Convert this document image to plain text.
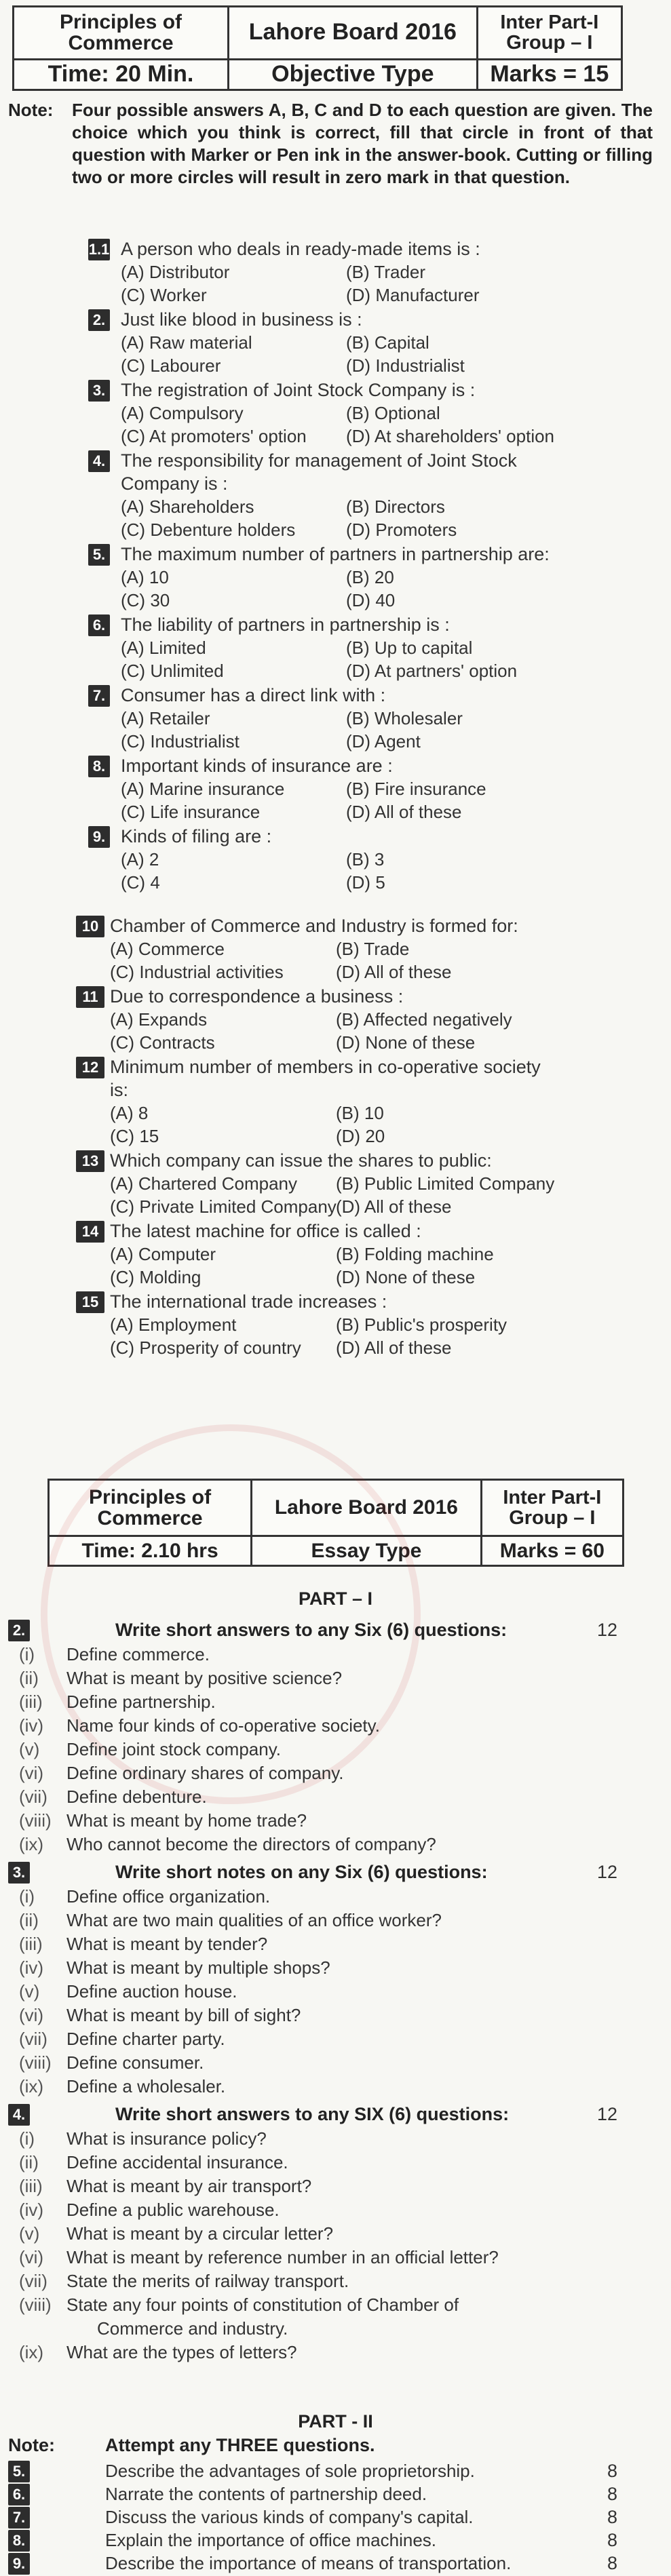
Principles of Commerce	Lahore Board 2016	Inter Part-I
Group – I

Time: 20 Min.	Objective Type	Marks = 15
Note: Four possible answers A, B, C and D to each question are given. The choice which you think is correct, fill that circle in front of that question with Marker or Pen ink in the answer-book. Cutting or filling two or more circles will result in zero mark in that question.
1.1 A person who deals in ready-made items is :
(A) Distributor	(B) Trader
(C) Worker	(D) Manufacturer
2. Just like blood in business is :
(A) Raw material	(B) Capital
(C) Labourer	(D) Industrialist
3. The registration of Joint Stock Company is :
(A) Compulsory	(B) Optional
(C) At promoters' option (D) At shareholders' option
4. The responsibility for management of Joint Stock
Company is :
(A) Shareholders	(B) Directors
(C) Debenture holders	(D) Promoters
5. The maximum number of partners in partnership are:
(A) 10	(B) 20
(C) 30	(D) 40
6. The liability of partners in partnership is :
(A) Limited	(B) Up to capital
(C) Unlimited	(D) At partners' option
7. Consumer has a direct link with :
(A) Retailer	(B) Wholesaler
(C) Industrialist	(D) Agent
8. Important kinds of insurance are :
(A) Marine insurance	(B) Fire insurance
(C) Life insurance	(D) All of these
9. Kinds of filing are :
(A) 2	(B) 3
(C) 4	(D) 5
10 Chamber of Commerce and Industry is formed for:
(A) Commerce	(B) Trade
(C) Industrial activities	(D) All of these
11 Due to correspondence a business :
(A) Expands	(B) Affected negatively
(C) Contracts	(D) None of these
12 Minimum number of members in co-operative society
is:
(A) 8	(B) 10
(C) 15	(D) 20
13 Which company can issue the shares to public:
(A) Chartered Company (B) Public Limited Company
(C) Private Limited Company (D) All of these
14 The latest machine for office is called :
(A) Computer	(B) Folding machine
(C) Molding	(D) None of these
15 The international trade increases :
(A) Employment	(B) Public's prosperity
(C) Prosperity of country (D) All of these
Principles of Commerce	Lahore Board 2016	Inter Part-I
Group – I

Time: 2.10 hrs	Essay Type	Marks = 60
PART – I
2.	Write short answers to any Six (6) questions:	12
(i) Define commerce.
(ii) What is meant by positive science?
(iii) Define partnership.
(iv) Name four kinds of co-operative society.
(v) Define joint stock company.
(vi) Define ordinary shares of company.
(vii) Define debenture.
(viii) What is meant by home trade?
(ix) Who cannot become the directors of company?
3.	Write short notes on any Six (6) questions:	12
(i) Define office organization.
(ii) What are two main qualities of an office worker?
(iii) What is meant by tender?
(iv) What is meant by multiple shops?
(v) Define auction house.
(vi) What is meant by bill of sight?
(vii) Define charter party.
(viii) Define consumer.
(ix) Define a wholesaler.
4.	Write short answers to any SIX (6) questions:	12
(i) What is insurance policy?
(ii) Define accidental insurance.
(iii) What is meant by air transport?
(iv) Define a public warehouse.
(v) What is meant by a circular letter?
(vi) What is meant by reference number in an official letter?
(vii) State the merits of railway transport.
(viii) State any four points of constitution of Chamber of
Commerce and industry.
(ix) What are the types of letters?
PART - II
Note:	Attempt any THREE questions.
5.	Describe the advantages of sole proprietorship.	8
6.	Narrate the contents of partnership deed.	8
7.	Discuss the various kinds of company's capital.	8
8.	Explain the importance of office machines.	8
9.	Describe the importance of means of transportation.	8
